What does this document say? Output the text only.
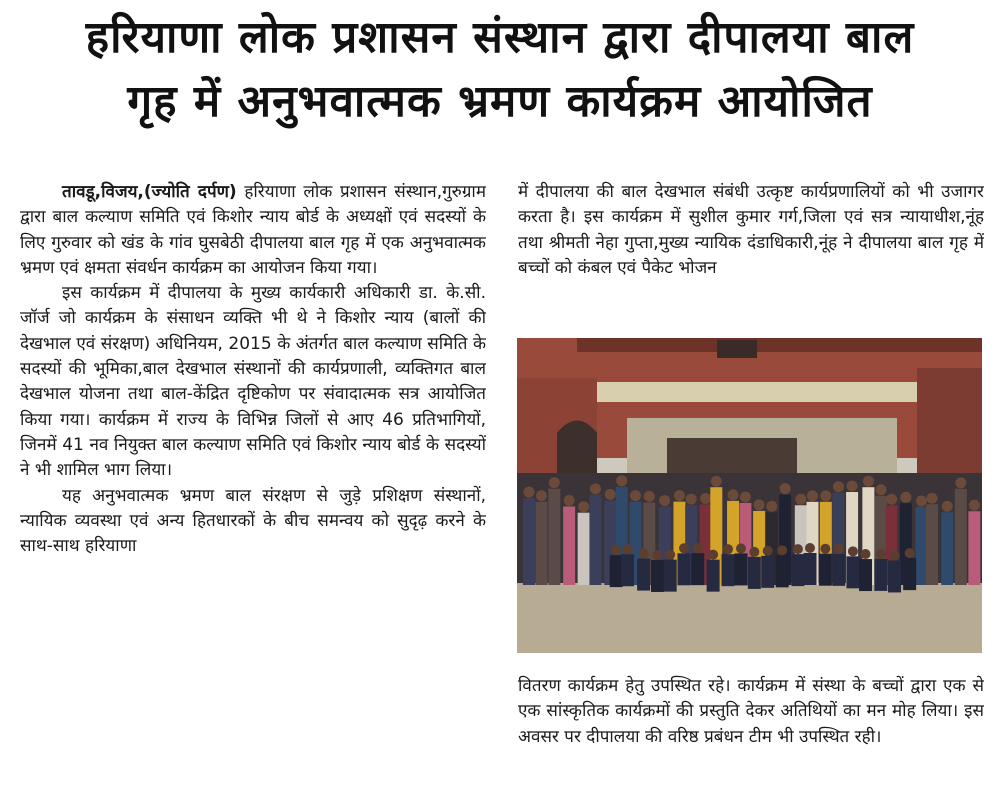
हरियाणा लोक प्रशासन संस्थान द्वारा दीपालया बाल
गृह में अनुभवात्मक भ्रमण कार्यक्रम आयोजित

तावडू,विजय,(ज्योति दर्पण) हरियाणा लोक प्रशासन संस्थान,गुरुग्राम द्वारा बाल कल्याण समिति एवं किशोर न्याय बोर्ड के अध्यक्षों एवं सदस्यों के लिए गुरुवार को खंड के गांव घुसबेठी दीपालया बाल गृह में एक अनुभवात्मक भ्रमण एवं क्षमता संवर्धन कार्यक्रम का आयोजन किया गया।

इस कार्यक्रम में दीपालया के मुख्य कार्यकारी अधिकारी डा. के.सी. जॉर्ज जो कार्यक्रम के संसाधन व्यक्ति भी थे ने किशोर न्याय (बालों की देखभाल एवं संरक्षण) अधिनियम, 2015 के अंतर्गत बाल कल्याण समिति के सदस्यों की भूमिका,बाल देखभाल संस्थानों की कार्यप्रणाली, व्यक्तिगत बाल देखभाल योजना तथा बाल-केंद्रित दृष्टिकोण पर संवादात्मक सत्र आयोजित किया गया। कार्यक्रम में राज्य के विभिन्न जिलों से आए 46 प्रतिभागियों, जिनमें 41 नव नियुक्त बाल कल्याण समिति एवं किशोर न्याय बोर्ड के सदस्यों ने भी शामिल भाग लिया।

यह अनुभवात्मक भ्रमण बाल संरक्षण से जुड़े प्रशिक्षण संस्थानों, न्यायिक व्यवस्था एवं अन्य हितधारकों के बीच समन्वय को सुदृढ़ करने के साथ-साथ हरियाणा

में दीपालया की बाल देखभाल संबंधी उत्कृष्ट कार्यप्रणालियों को भी उजागर करता है। इस कार्यक्रम में सुशील कुमार गर्ग,जिला एवं सत्र न्यायाधीश,नूंह तथा श्रीमती नेहा गुप्ता,मुख्य न्यायिक दंडाधिकारी,नूंह ने दीपालया बाल गृह में बच्चों को कंबल एवं पैकेट भोजन

वितरण कार्यक्रम हेतु उपस्थित रहे। कार्यक्रम में संस्था के बच्चों द्वारा एक से एक सांस्कृतिक कार्यक्रमों की प्रस्तुति देकर अतिथियों का मन मोह लिया। इस अवसर पर दीपालया की वरिष्ठ प्रबंधन टीम भी उपस्थित रही।
